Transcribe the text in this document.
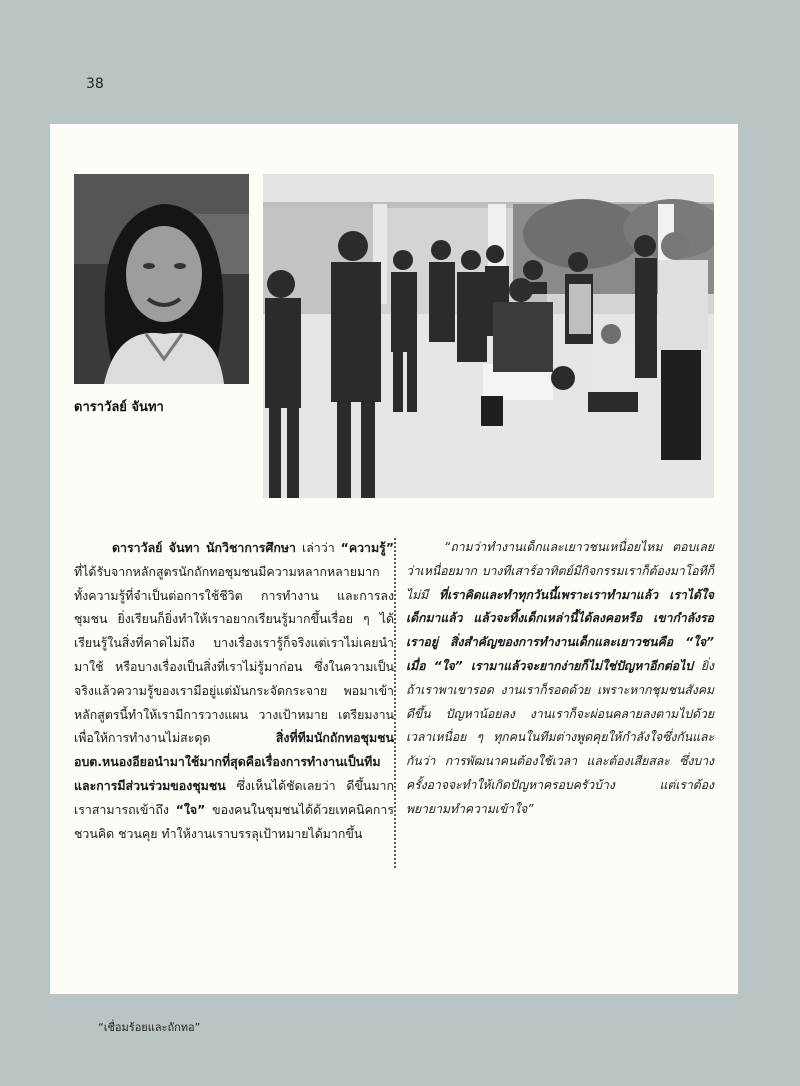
38
ดาราวัลย์ จันทา

ดาราวัลย์ จันทา นักวิชาการศึกษา เล่าว่า “ความรู้” ที่ได้รับจากหลักสูตรนักถักทอชุมชนมีความหลากหลายมาก ทั้งความรู้ที่จำเป็นต่อการใช้ชีวิต การทำงาน และการลงชุมชน ยิ่งเรียนก็ยิ่งทำให้เราอยากเรียนรู้มากขึ้นเรื่อย ๆ ได้เรียนรู้ในสิ่งที่คาดไม่ถึง บางเรื่องเรารู้ก็จริงแต่เราไม่เคยนำมาใช้ หรือบางเรื่องเป็นสิ่งที่เราไม่รู้มาก่อน ซึ่งในความเป็นจริงแล้วความรู้ของเรามีอยู่แต่มันกระจัดกระจาย พอมาเข้าหลักสูตรนี้ทำให้เรามีการวางแผน วางเป้าหมาย เตรียมงานเพื่อให้การทำงานไม่สะดุด สิ่งที่ทีมนักถักทอชุมชน อบต.หนองอียอนำมาใช้มากที่สุดคือเรื่องการทำงานเป็นทีม และการมีส่วนร่วมของชุมชน ซึ่งเห็นได้ชัดเลยว่า ดีขึ้นมาก เราสามารถเข้าถึง “ใจ” ของคนในชุมชนได้ด้วยเทคนิคการชวนคิด ชวนคุย ทำให้งานเราบรรลุเป้าหมายได้มากขึ้น

“ถามว่าทำงานเด็กและเยาวชนเหนื่อยไหม ตอบเลยว่าเหนื่อยมาก บางทีเสาร์อาทิตย์มีกิจกรรมเราก็ต้องมาโอทีก็ไม่มี ที่เราคิดและทำทุกวันนี้เพราะเราทำมาแล้ว เราได้ใจเด็กมาแล้ว แล้วจะทิ้งเด็กเหล่านี้ได้ลงคอหรือ เขากำลังรอเราอยู่ สิ่งสำคัญของการทำงานเด็กและเยาวชนคือ “ใจ” เมื่อ “ใจ” เรามาแล้วจะยากง่ายก็ไม่ใช่ปัญหาอีกต่อไป ยิ่งถ้าเราพาเขารอด งานเราก็รอดด้วย เพราะหากชุมชนสังคมดีขึ้น ปัญหาน้อยลง งานเราก็จะผ่อนคลายลงตามไปด้วย เวลาเหนื่อย ๆ ทุกคนในทีมต่างพูดคุยให้กำลังใจซึ่งกันและกันว่า การพัฒนาคนต้องใช้เวลา และต้องเสียสละ ซึ่งบางครั้งอาจจะทำให้เกิดปัญหาครอบครัวบ้าง แต่เราต้องพยายามทำความเข้าใจ”

“เชื่อมร้อยและถักทอ”
